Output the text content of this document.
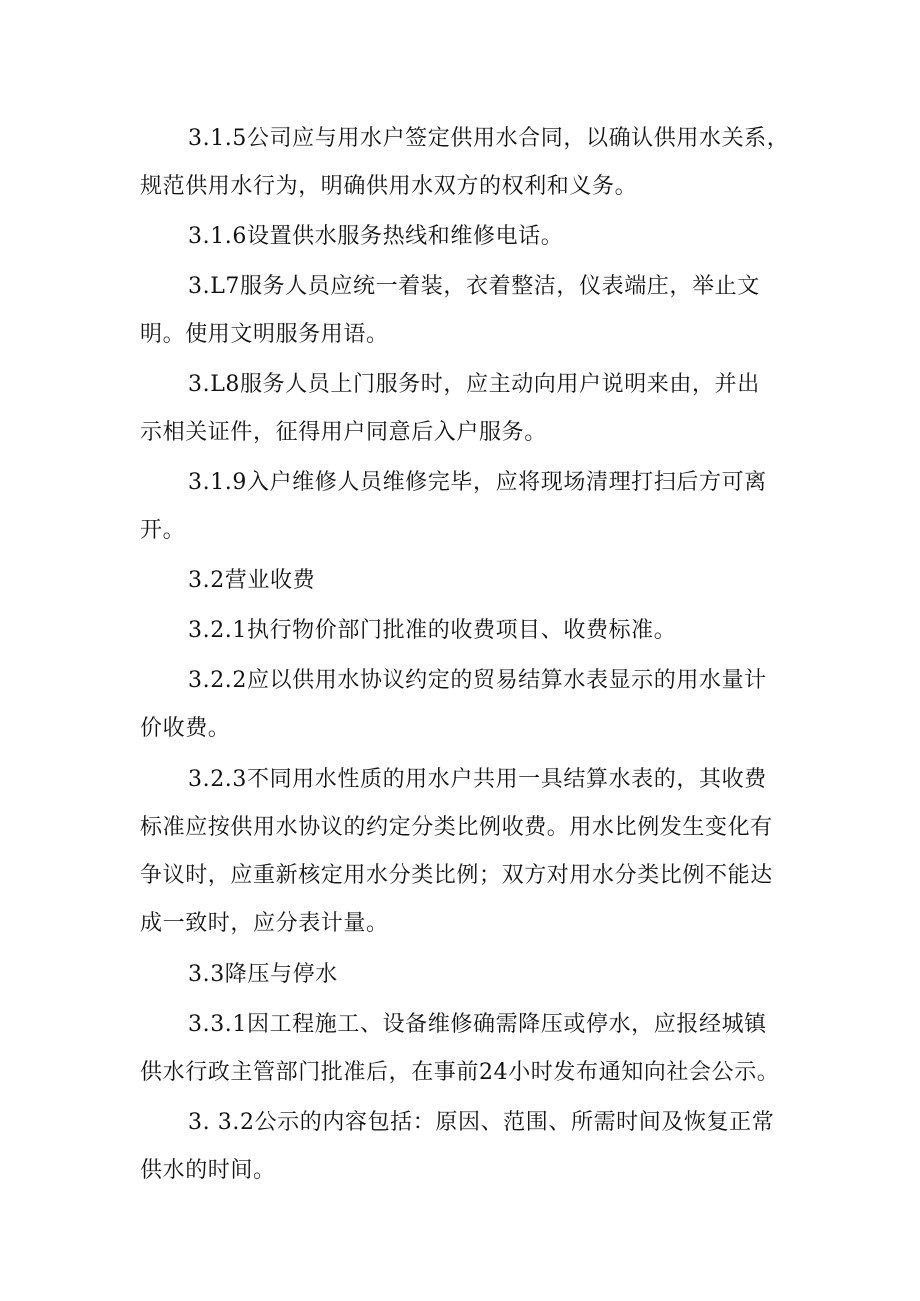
3.1.5公司应与用水户签定供用水合同，以确认供用水关系，
规范供用水行为，明确供用水双方的权利和义务。

3.1.6设置供水服务热线和维修电话。

3.L7服务人员应统一着装，衣着整洁，仪表端庄，举止文
明。使用文明服务用语。

3.L8服务人员上门服务时，应主动向用户说明来由，并出
示相关证件，征得用户同意后入户服务。

3.1.9入户维修人员维修完毕，应将现场清理打扫后方可离
开。

3.2营业收费

3.2.1执行物价部门批准的收费项目、收费标准。

3.2.2应以供用水协议约定的贸易结算水表显示的用水量计
价收费。

3.2.3不同用水性质的用水户共用一具结算水表的，其收费
标准应按供用水协议的约定分类比例收费。用水比例发生变化有
争议时，应重新核定用水分类比例；双方对用水分类比例不能达
成一致时，应分表计量。

3.3降压与停水

3.3.1因工程施工、设备维修确需降压或停水，应报经城镇
供水行政主管部门批准后，在事前24小时发布通知向社会公示。

3. 3.2公示的内容包括：原因、范围、所需时间及恢复正常
供水的时间。
